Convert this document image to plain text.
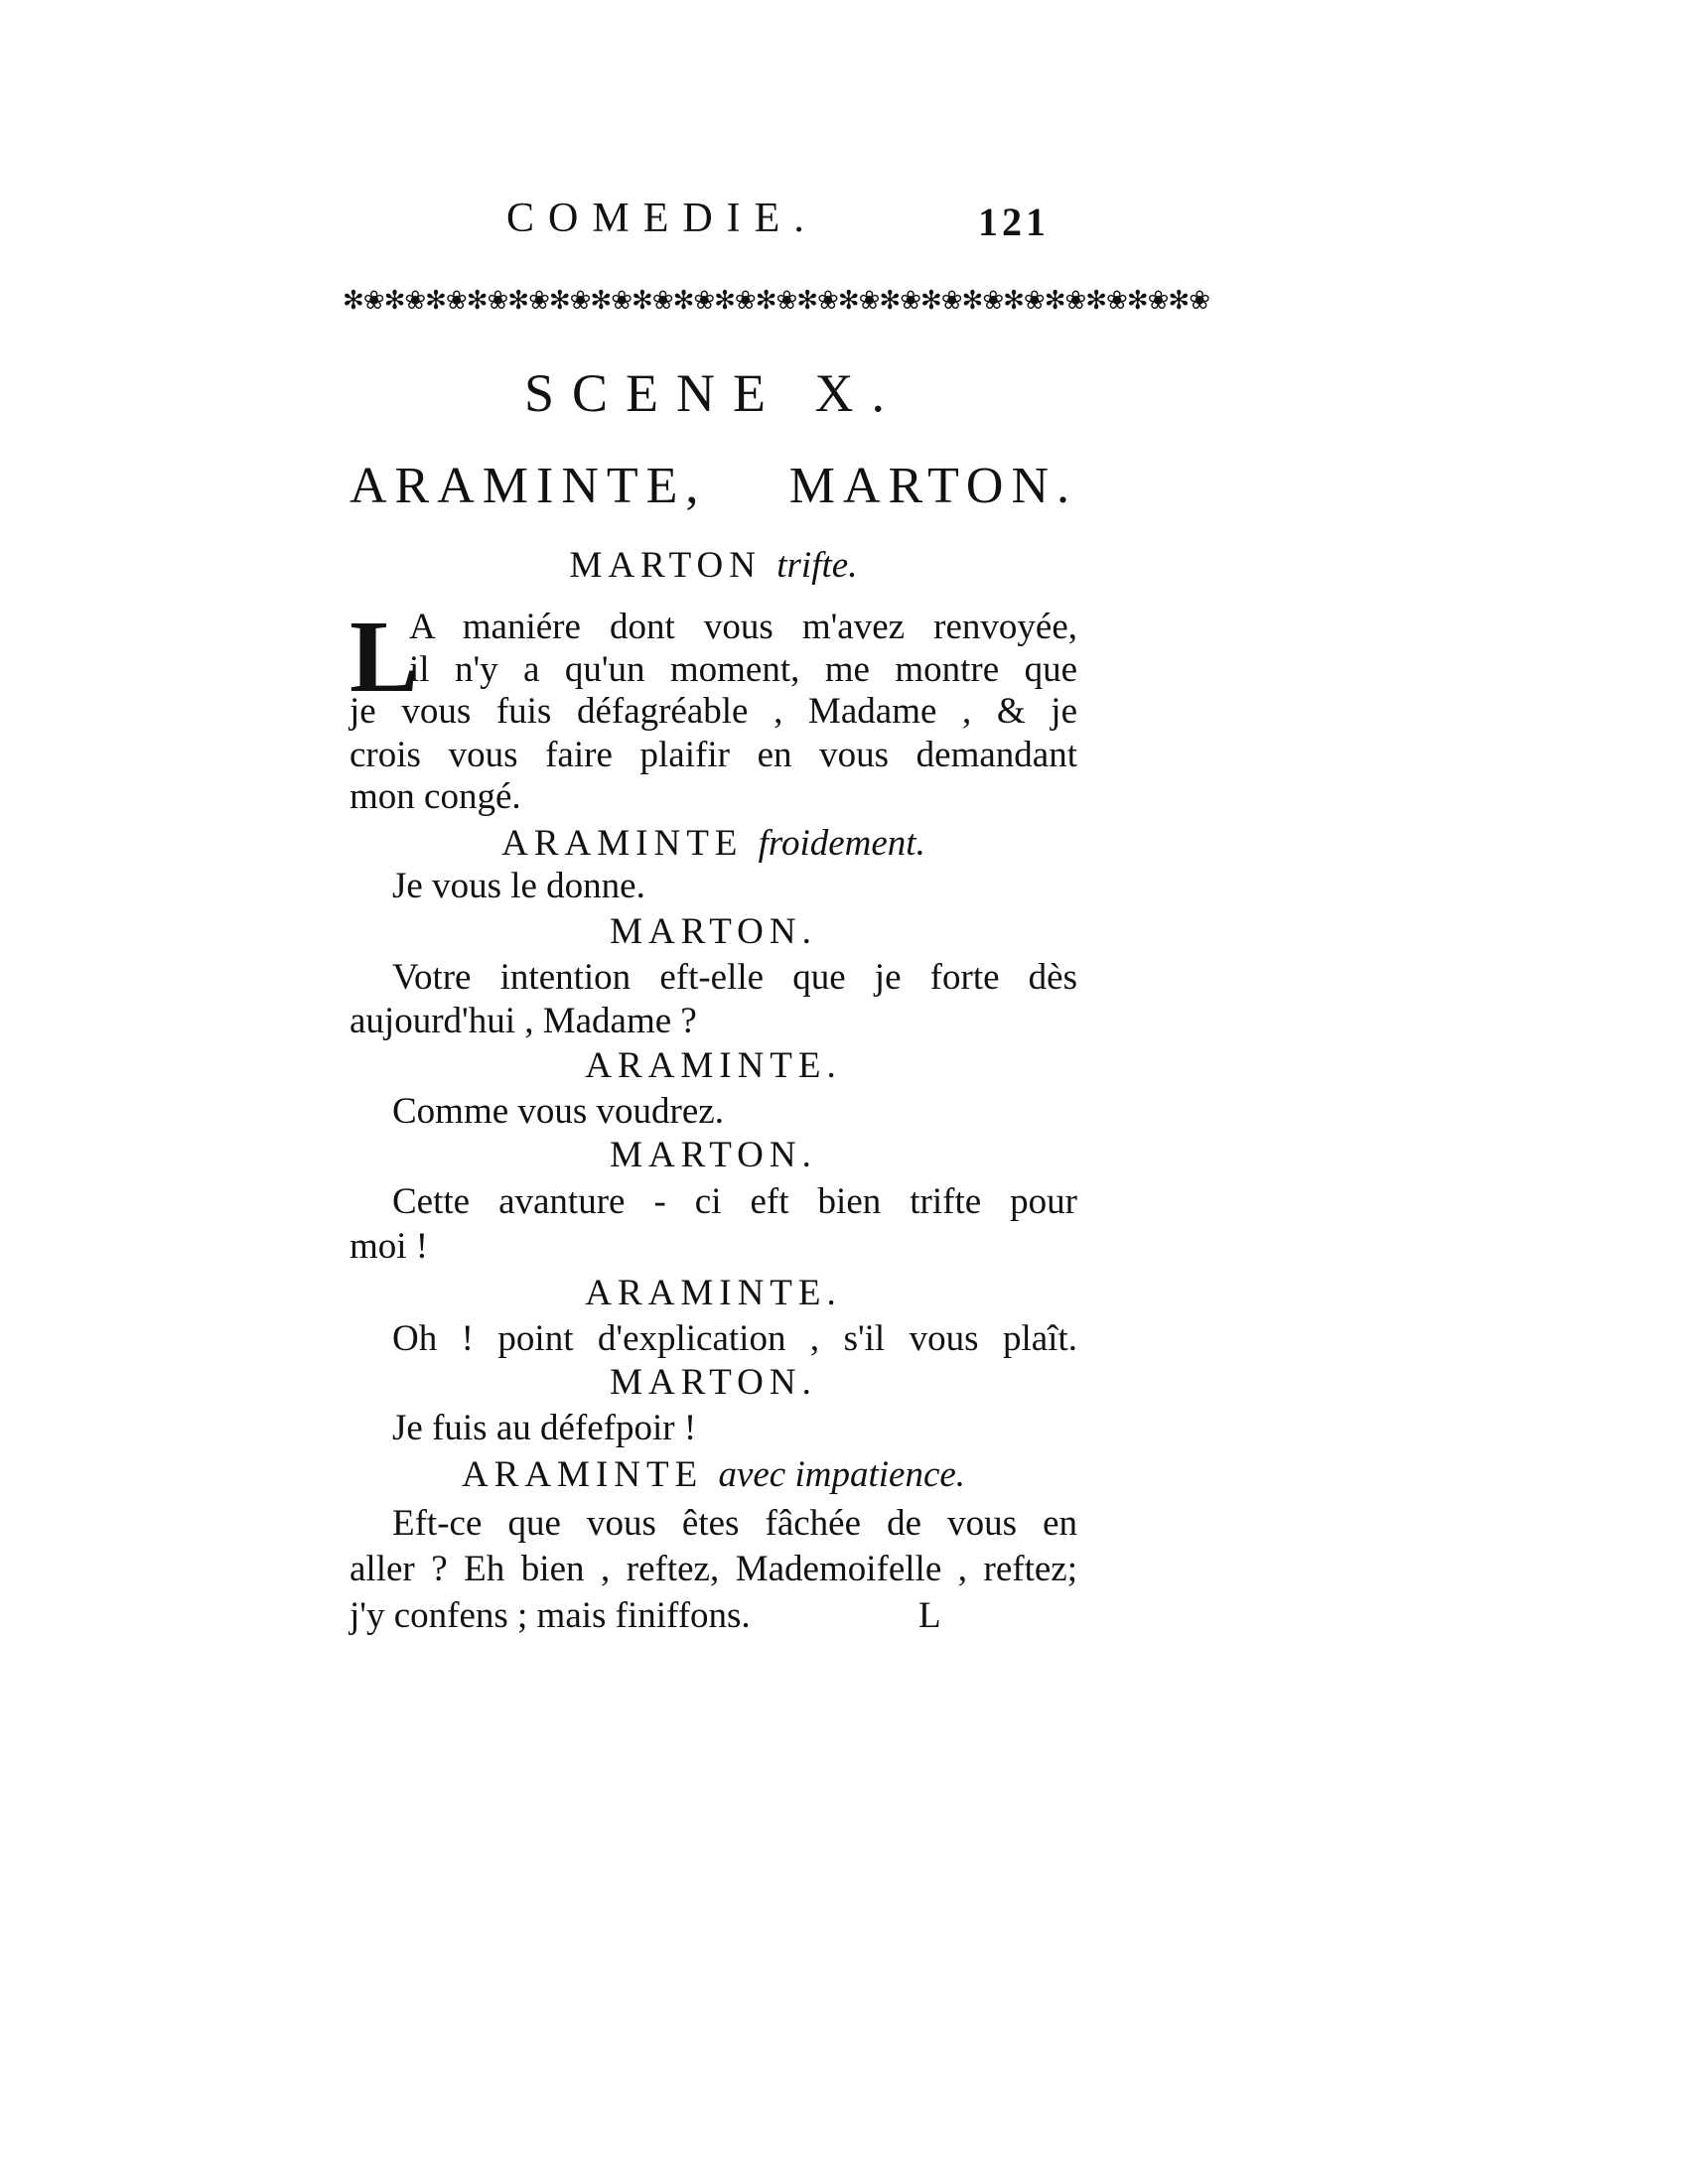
COMEDIE.	121
✻❀✻❀✻❀✻❀✻❀✻❀✻❀✻❀✻❀✻❀✻❀✻❀✻❀✻❀✻❀✻❀✻❀✻❀✻❀✻❀✻❀
SCENE X.
ARAMINTE, MARTON.
MARTON trifte.
L
A maniére dont vous m'avez renvoyée,
il n'y a qu'un moment, me montre que
je vous fuis défagréable , Madame , & je
crois vous faire plaifir en vous demandant
mon congé.
ARAMINTE froidement.
Je vous le donne.
MARTON.
Votre intention eft-elle que je forte dès
aujourd'hui , Madame ?
ARAMINTE.
Comme vous voudrez.
MARTON.
Cette avanture - ci eft bien trifte pour
moi !
ARAMINTE.
Oh ! point d'explication , s'il vous plaît.
MARTON.
Je fuis au défefpoir !
ARAMINTE avec impatience.
Eft-ce que vous êtes fâchée de vous en
aller ? Eh bien , reftez, Mademoifelle , reftez;
j'y confens ; mais finiffons.	L
